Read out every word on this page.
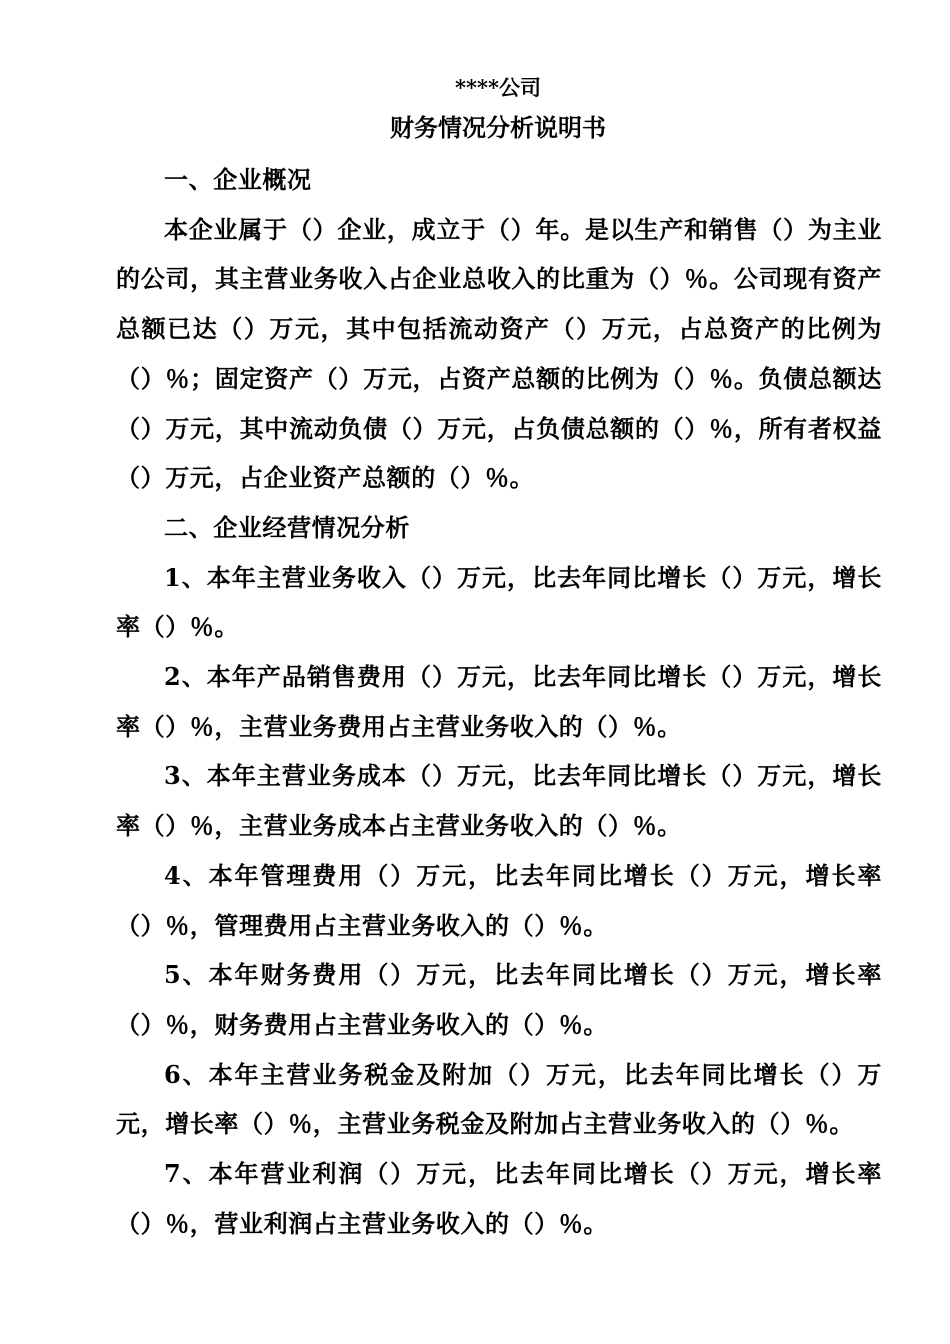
****公司
财务情况分析说明书

一、企业概况

本企业属于（）企业，成立于（）年。是以生产和销售（）为主业的公司，其主营业务收入占企业总收入的比重为（）％。公司现有资产总额已达（）万元，其中包括流动资产（）万元，占总资产的比例为（）％；固定资产（）万元，占资产总额的比例为（）％。负债总额达（）万元，其中流动负债（）万元，占负债总额的（）％，所有者权益（）万元，占企业资产总额的（）％。

二、企业经营情况分析

1、本年主营业务收入（）万元，比去年同比增长（）万元，增长率（）％。

2、本年产品销售费用（）万元，比去年同比增长（）万元，增长率（）％，主营业务费用占主营业务收入的（）％。

3、本年主营业务成本（）万元，比去年同比增长（）万元，增长率（）％，主营业务成本占主营业务收入的（）％。

4、本年管理费用（）万元，比去年同比增长（）万元，增长率（）％，管理费用占主营业务收入的（）％。

5、本年财务费用（）万元，比去年同比增长（）万元，增长率（）％，财务费用占主营业务收入的（）％。

6、本年主营业务税金及附加（）万元，比去年同比增长（）万元，增长率（）％，主营业务税金及附加占主营业务收入的（）％。

7、本年营业利润（）万元，比去年同比增长（）万元，增长率（）％，营业利润占主营业务收入的（）％。
